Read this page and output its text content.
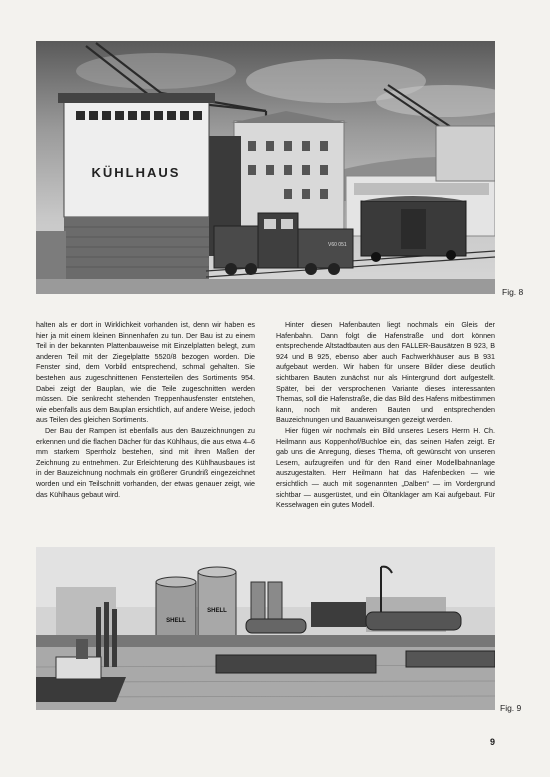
KÜHLHAUS
V60 051
Fig. 8

halten als er dort in Wirklichkeit vorhanden ist, denn wir haben es hier ja mit einem kleinen Binnenhafen zu tun. Der Bau ist zu einem Teil in der bekannten Plattenbauweise mit Einzelplatten belegt, zum anderen Teil mit der Ziegelplatte 5520/8 bezogen worden. Die Fenster sind, dem Vorbild entsprechend, schmal gehalten. Sie bestehen aus zugeschnittenen Fensterteilen des Sortiments 954. Dabei zeigt der Bauplan, wie die Teile zugeschnitten werden müssen. Die senkrecht stehenden Treppenhausfenster entstehen, wie ebenfalls aus dem Bauplan ersichtlich, auf andere Weise, jedoch aus Teilen des gleichen Sortiments.

Der Bau der Rampen ist ebenfalls aus den Bauzeichnungen zu erkennen und die flachen Dächer für das Kühlhaus, die aus etwa 4–6 mm starkem Sperrholz bestehen, sind mit ihren Maßen der Zeichnung zu entnehmen. Zur Erleichterung des Kühlhausbaues ist in der Bauzeichnung nochmals ein größerer Grundriß eingezeichnet worden und ein Teilschnitt vorhanden, der etwas genauer zeigt, wie das Kühlhaus gebaut wird.

Hinter diesen Hafenbauten liegt nochmals ein Gleis der Hafenbahn. Dann folgt die Hafenstraße und dort können entsprechende Altstadtbauten aus den FALLER-Bausätzen B 923, B 924 und B 925, ebenso aber auch Fachwerkhäuser aus B 931 aufgebaut werden. Wir haben für unsere Bilder diese deutlich sichtbaren Bauten zunächst nur als Hintergrund dort aufgestellt. Später, bei der versprochenen Variante dieses interessanten Themas, soll die Hafenstraße, die das Bild des Hafens mitbestimmen kann, noch mit anderen Bauten und entsprechenden Bauzeichnungen und Bauanweisungen gezeigt werden.

Hier fügen wir nochmals ein Bild unseres Lesers Herrn H. Ch. Heilmann aus Koppenhof/Buchloe ein, das seinen Hafen zeigt. Er gab uns die Anregung, dieses Thema, oft gewünscht von unseren Lesern, aufzugreifen und für den Rand einer Modellbahnanlage auszugestalten. Herr Heilmann hat das Hafenbecken — wie ersichtlich — auch mit sogenannten „Dalben“ — im Vordergrund sichtbar — ausgerüstet, und ein Öltanklager am Kai aufgebaut. Für Kesselwagen ein gutes Modell.

SHELL
SHELL
Fig. 9
9
